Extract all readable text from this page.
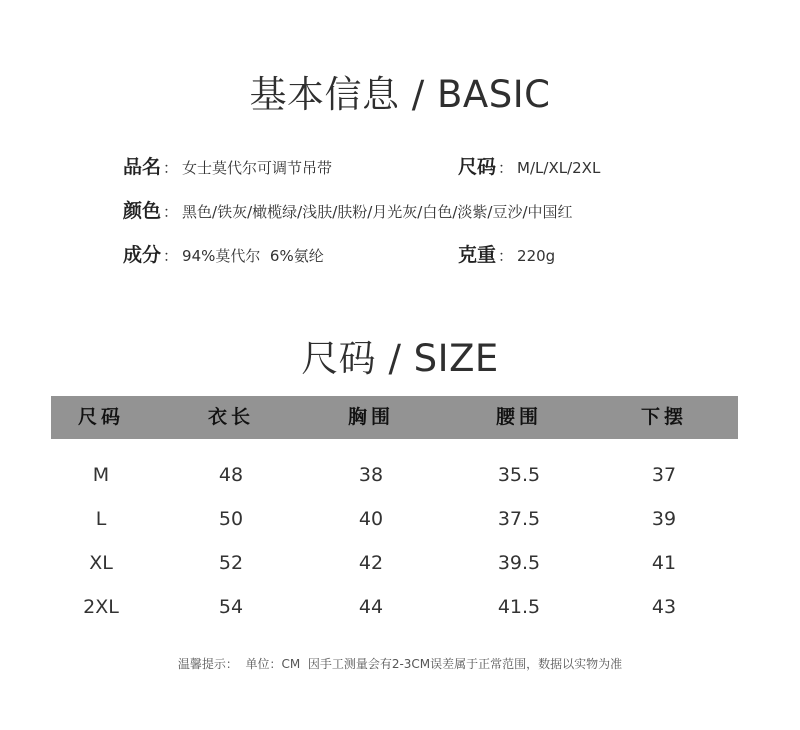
基本信息 / BASIC
品名 ： 女士莫代尔可调节吊带	尺码 ： M/L/XL/2XL
颜色 ： 黑色/铁灰/橄榄绿/浅肤/肤粉/月光灰/白色/淡紫/豆沙/中国红
成分 ： 94%莫代尔  6%氨纶	克重 ： 220g
尺码 / SIZE
尺码	衣长	胸围	腰围	下摆
M	48	38	35.5	37
L	50	40	37.5	39
XL	52	42	39.5	41
2XL	54	44	41.5	43
温馨提示：  单位：CM  因手工测量会有2-3CM误差属于正常范围，数据以实物为准
